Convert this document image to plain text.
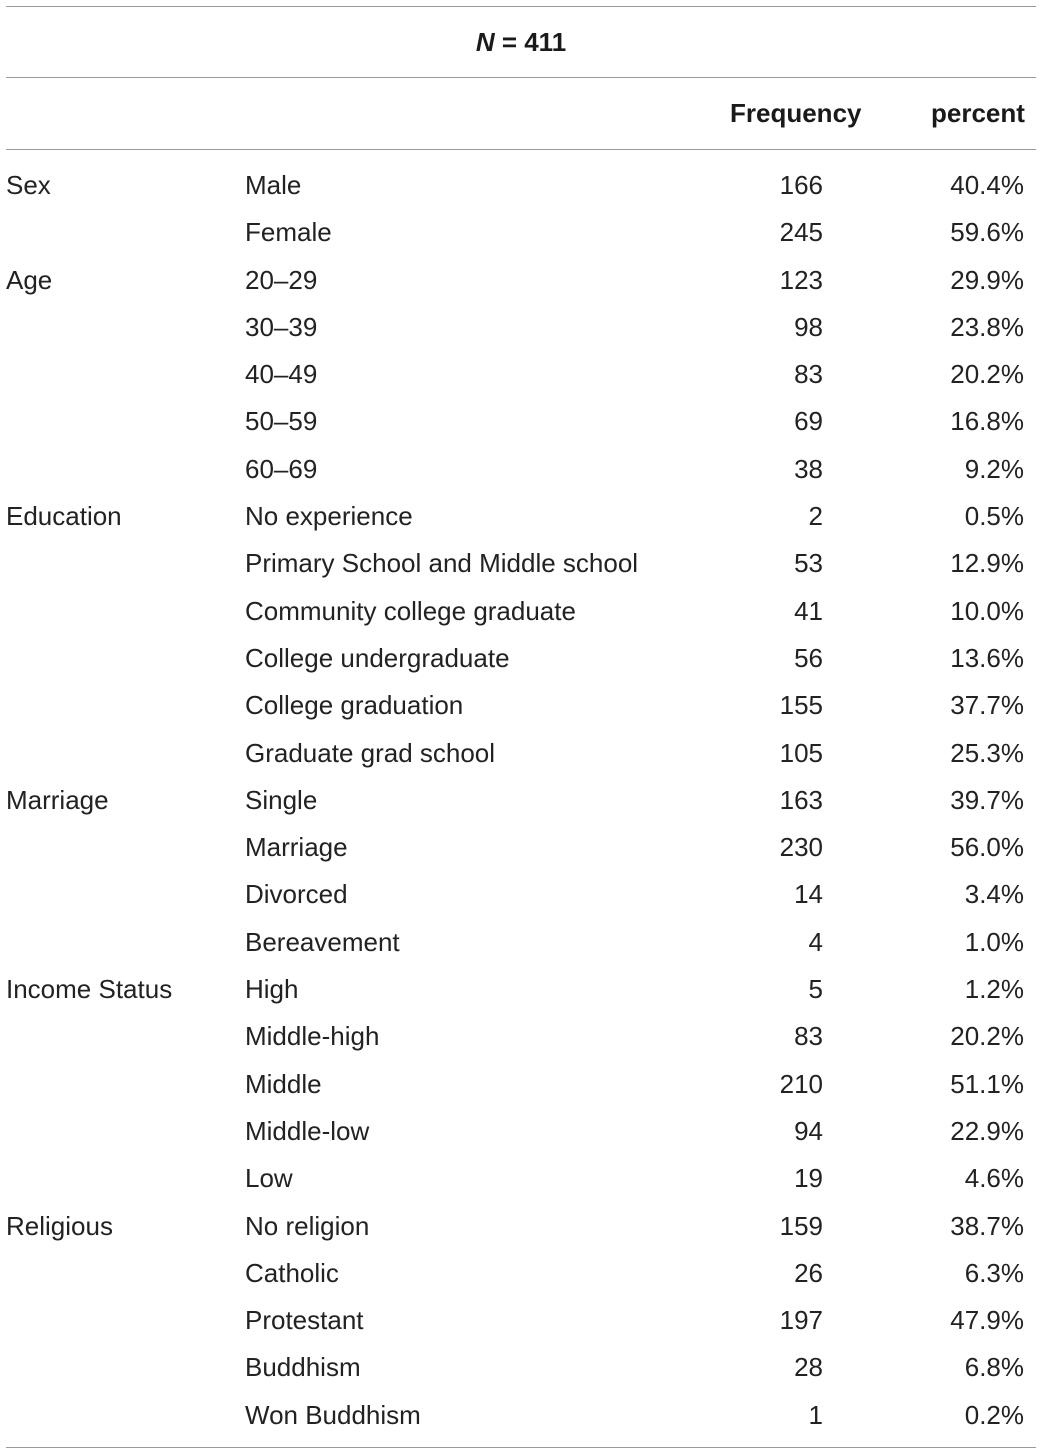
N = 411
Frequency	percent
Sex	Male	166	40.4%
Female	245	59.6%
Age	20–29	123	29.9%
30–39	98	23.8%
40–49	83	20.2%
50–59	69	16.8%
60–69	38	9.2%
Education	No experience	2	0.5%
Primary School and Middle school	53	12.9%
Community college graduate	41	10.0%
College undergraduate	56	13.6%
College graduation	155	37.7%
Graduate grad school	105	25.3%
Marriage	Single	163	39.7%
Marriage	230	56.0%
Divorced	14	3.4%
Bereavement	4	1.0%
Income Status	High	5	1.2%
Middle-high	83	20.2%
Middle	210	51.1%
Middle-low	94	22.9%
Low	19	4.6%
Religious	No religion	159	38.7%
Catholic	26	6.3%
Protestant	197	47.9%
Buddhism	28	6.8%
Won Buddhism	1	0.2%
